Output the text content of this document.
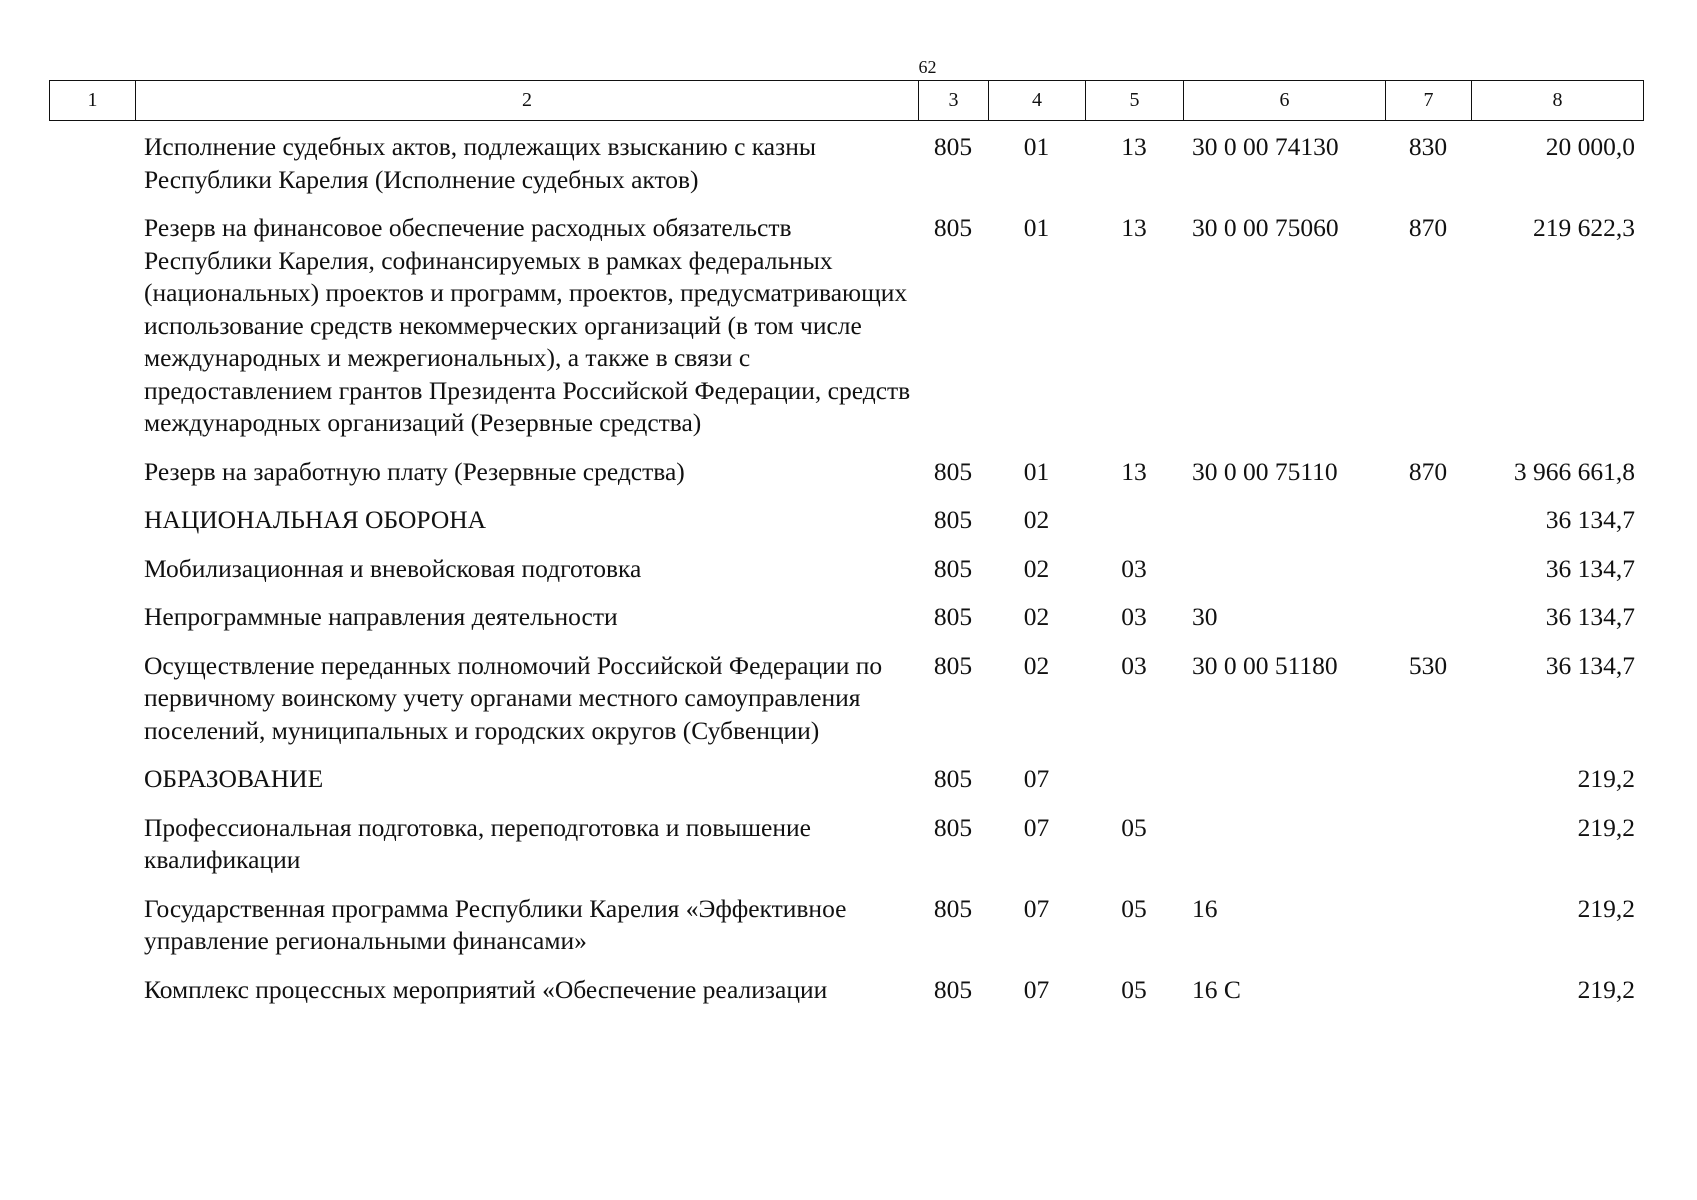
62
1	2	3	4	5	6	7	8
Исполнение судебных актов, подлежащих взысканию с казны Республики Карелия (Исполнение судебных актов)	805	01	13	30 0 00 74130	830	20 000,0
Резерв на финансовое обеспечение расходных обязательств Республики Карелия, софинансируемых в рамках федеральных (национальных) проектов и программ, проектов, предусматривающих использование средств некоммерческих организаций (в том числе международных и межрегиональных), а также в связи с предоставлением грантов Президента Российской Федерации, средств международных организаций (Резервные средства)	805	01	13	30 0 00 75060	870	219 622,3
Резерв на заработную плату (Резервные средства)	805	01	13	30 0 00 75110	870	3 966 661,8
НАЦИОНАЛЬНАЯ ОБОРОНА	805	02				36 134,7
Мобилизационная и вневойсковая подготовка	805	02	03			36 134,7
Непрограммные направления деятельности	805	02	03	30		36 134,7
Осуществление переданных полномочий Российской Федерации по первичному воинскому учету органами местного самоуправления поселений, муниципальных и городских округов (Субвенции)	805	02	03	30 0 00 51180	530	36 134,7
ОБРАЗОВАНИЕ	805	07				219,2
Профессиональная подготовка, переподготовка и повышение квалификации	805	07	05			219,2
Государственная программа Республики Карелия «Эффективное управление региональными финансами»	805	07	05	16		219,2
Комплекс процессных мероприятий «Обеспечение реализации	805	07	05	16 С		219,2
